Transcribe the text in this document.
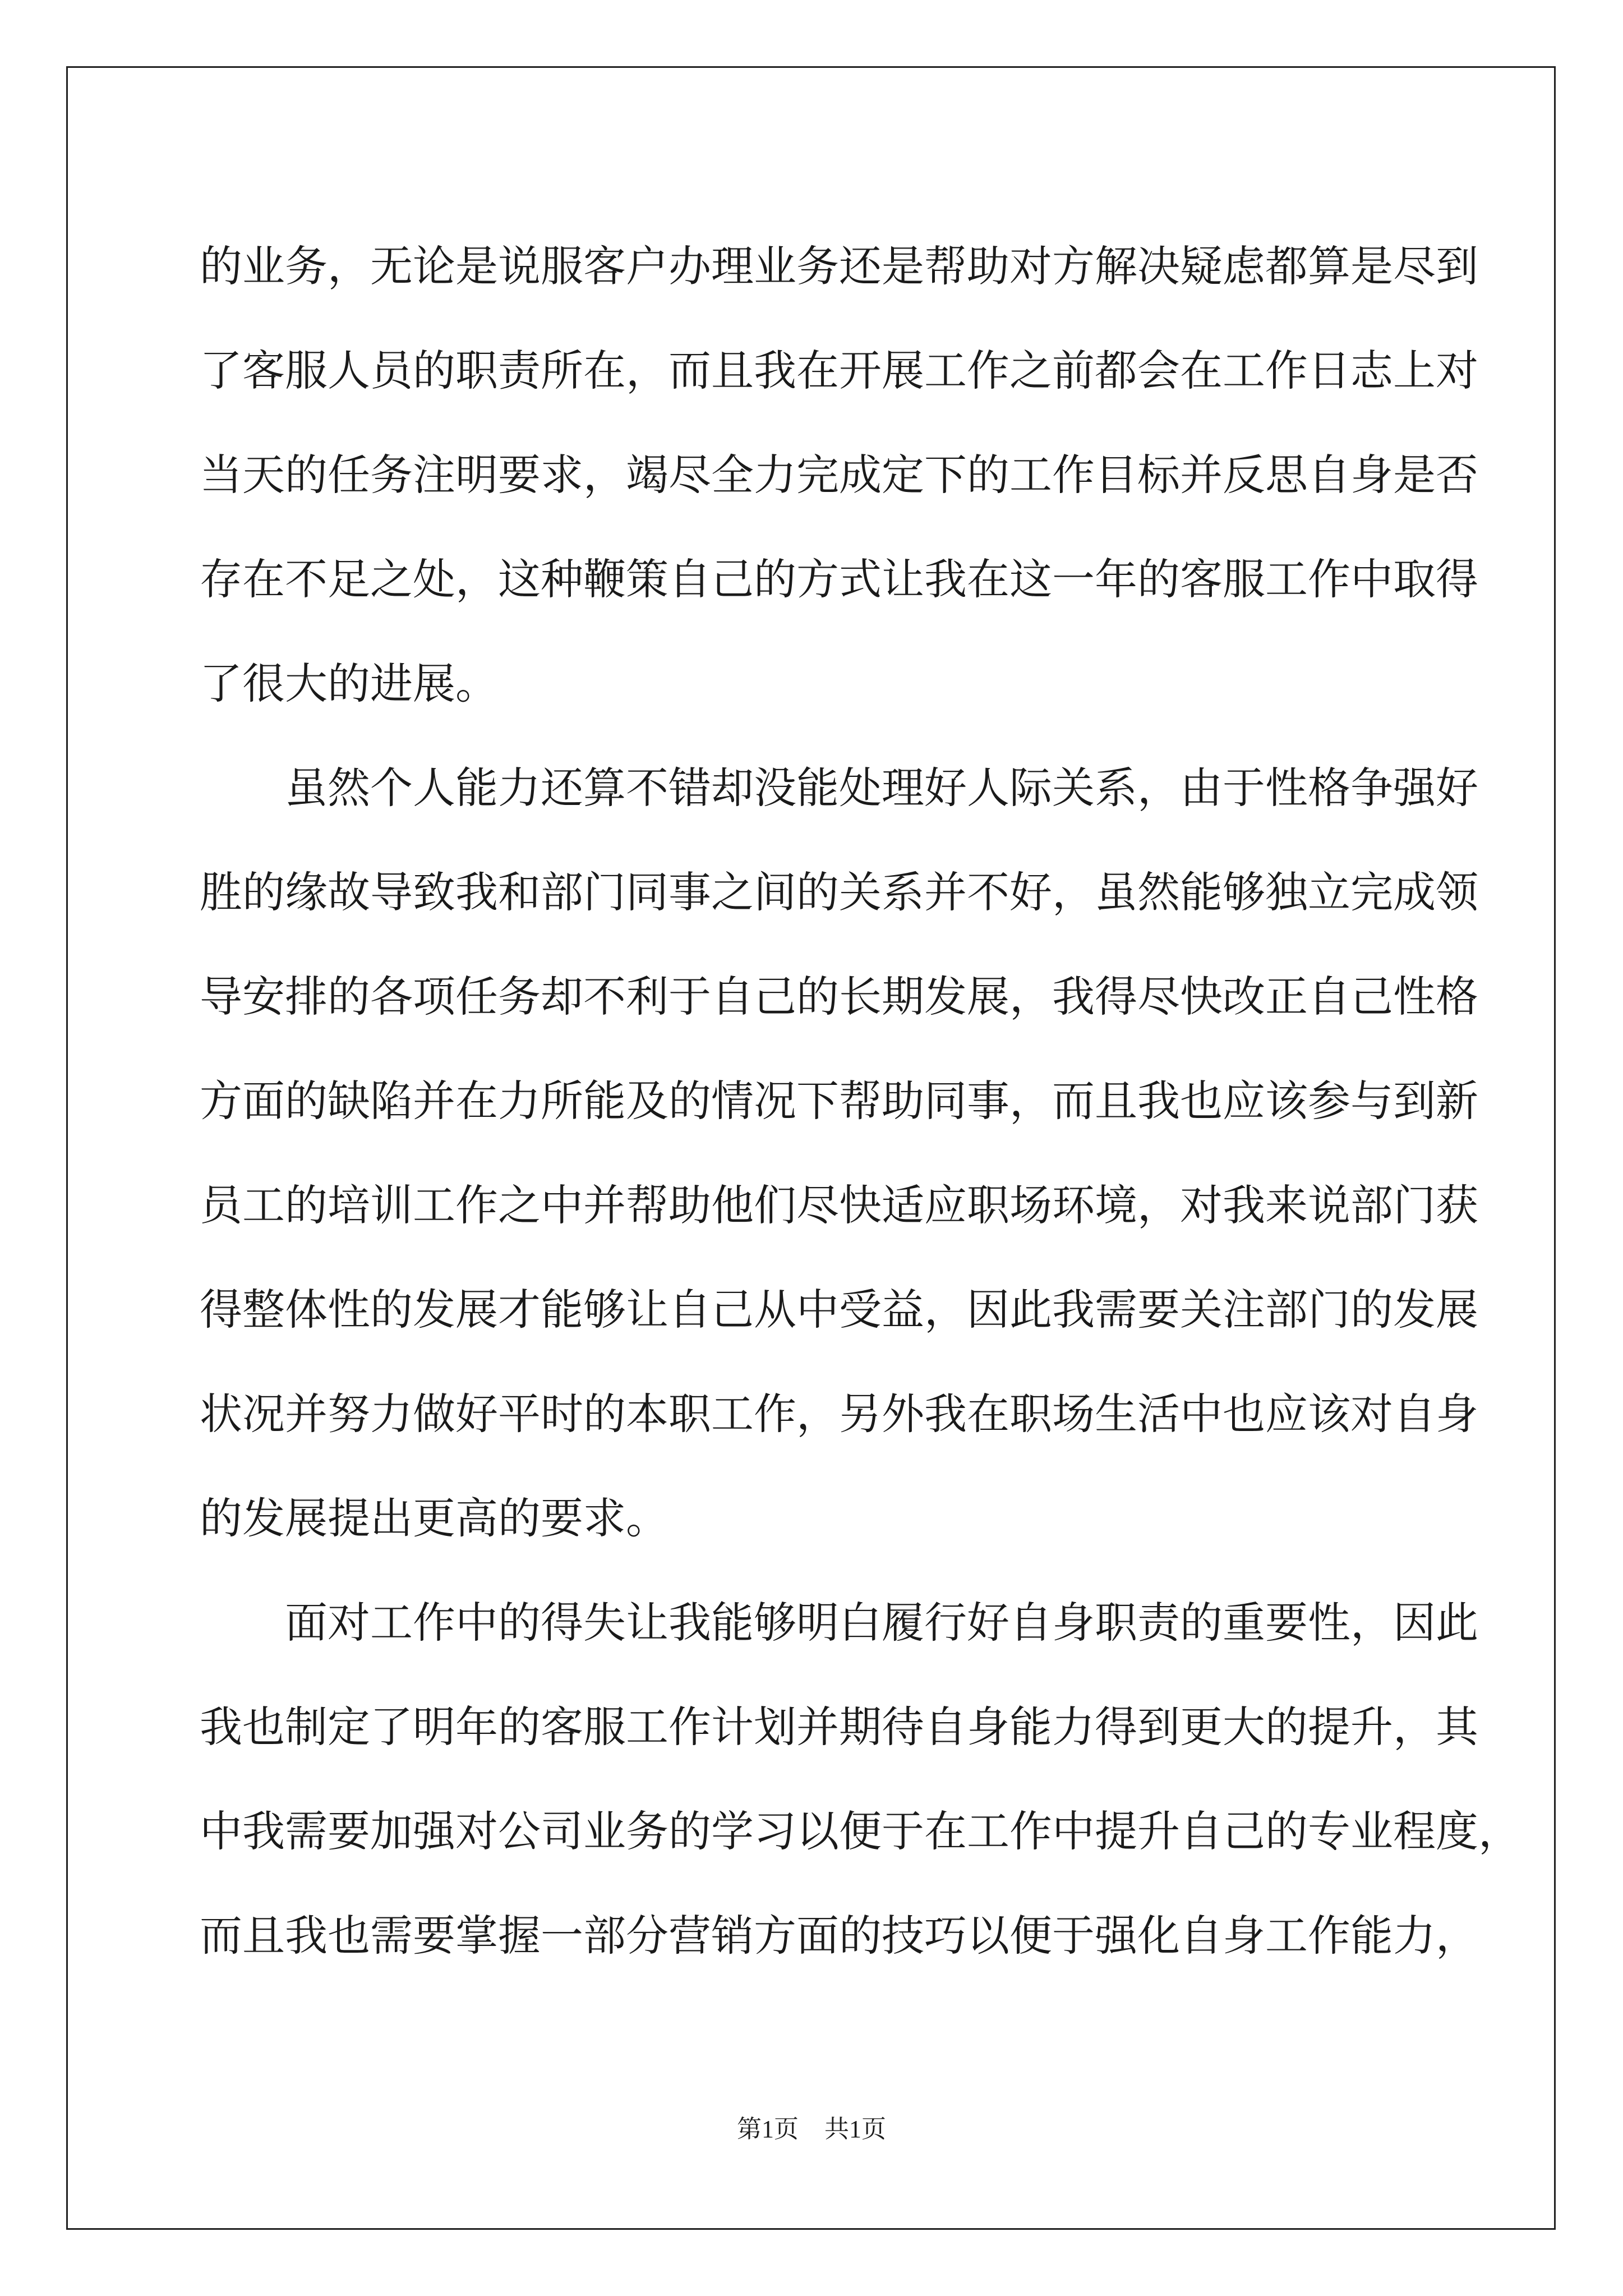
的业务，无论是说服客户办理业务还是帮助对方解决疑虑都算是尽到
了客服人员的职责所在，而且我在开展工作之前都会在工作日志上对
当天的任务注明要求，竭尽全力完成定下的工作目标并反思自身是否
存在不足之处，这种鞭策自己的方式让我在这一年的客服工作中取得
了很大的进展。
虽然个人能力还算不错却没能处理好人际关系，由于性格争强好
胜的缘故导致我和部门同事之间的关系并不好，虽然能够独立完成领
导安排的各项任务却不利于自己的长期发展，我得尽快改正自己性格
方面的缺陷并在力所能及的情况下帮助同事，而且我也应该参与到新
员工的培训工作之中并帮助他们尽快适应职场环境，对我来说部门获
得整体性的发展才能够让自己从中受益，因此我需要关注部门的发展
状况并努力做好平时的本职工作，另外我在职场生活中也应该对自身
的发展提出更高的要求。
面对工作中的得失让我能够明白履行好自身职责的重要性，因此
我也制定了明年的客服工作计划并期待自身能力得到更大的提升，其
中我需要加强对公司业务的学习以便于在工作中提升自己的专业程度，
而且我也需要掌握一部分营销方面的技巧以便于强化自身工作能力，
第1页 共1页
